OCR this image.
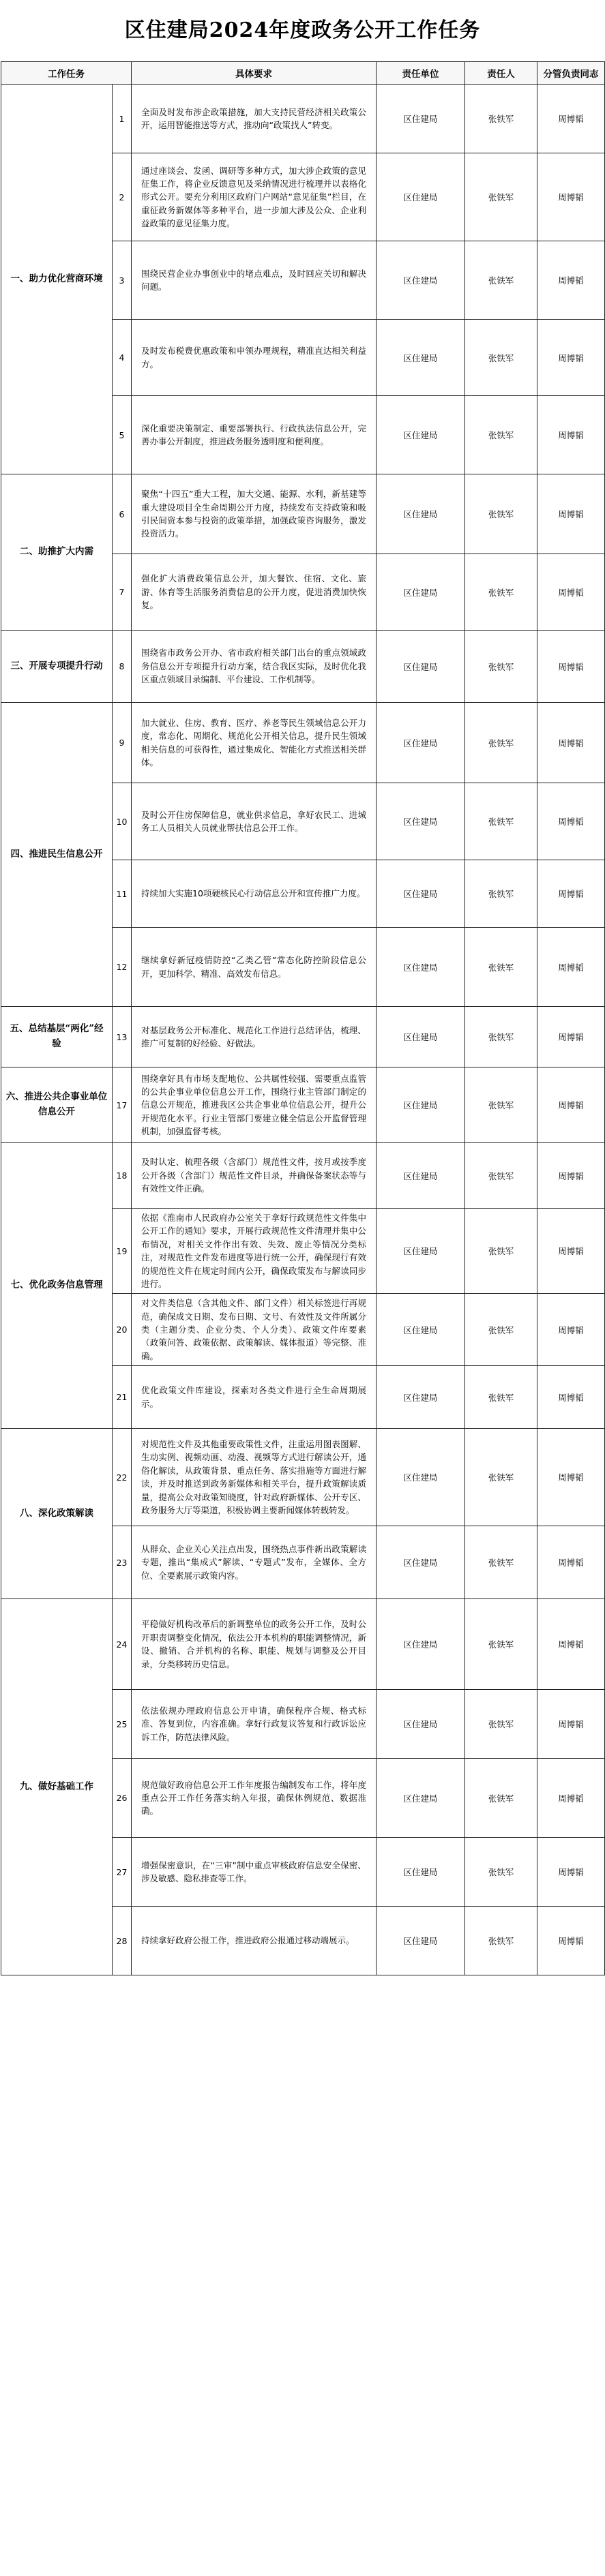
区住建局2024年度政务公开工作任务
工作任务		具体要求	责任单位	责任人	分管负责同志
一、助力优化营商环境	1	全面及时发布涉企政策措施，加大支持民营经济相关政策公开，运用智能推送等方式，推动向“政策找人”转变。	区住建局	张铁军	周博韬
	2	通过座谈会、发函、调研等多种方式，加大涉企政策的意见征集工作，将企业反馈意见及采纳情况进行梳理并以表格化形式公开。要充分利用区政府门户网站“意见征集”栏目，在重征政务新媒体等多种平台，进一步加大涉及公众、企业利益政策的意见征集力度。	区住建局	张铁军	周博韬
	3	围绕民营企业办事创业中的堵点难点，及时回应关切和解决问题。	区住建局	张铁军	周博韬
	4	及时发布税费优惠政策和申领办理规程，精准直达相关利益方。	区住建局	张铁军	周博韬
	5	深化重要决策制定、重要部署执行、行政执法信息公开，完善办事公开制度，推进政务服务透明度和便利度。	区住建局	张铁军	周博韬
二、助推扩大内需	6	聚焦“十四五”重大工程，加大交通、能源、水利，新基建等重大建设项目全生命周期公开力度，持续发布支持政策和吸引民间资本参与投资的政策举措，加强政策咨询服务，激发投资活力。	区住建局	张铁军	周博韬
	7	强化扩大消费政策信息公开，加大餐饮、住宿、文化、旅游、体育等生活服务消费信息的公开力度，促进消费加快恢复。	区住建局	张铁军	周博韬
三、开展专项提升行动	8	围绕省市政务公开办、省市政府相关部门出台的重点领域政务信息公开专项提升行动方案，结合我区实际，及时优化我区重点领域目录编制、平台建设、工作机制等。	区住建局	张铁军	周博韬
四、推进民生信息公开	9	加大就业、住房、教育、医疗、养老等民生领域信息公开力度，常态化、周期化、规范化公开相关信息，提升民生领域相关信息的可获得性，通过集成化、智能化方式推送相关群体。	区住建局	张铁军	周博韬
	10	及时公开住房保障信息，就业供求信息，拿好农民工、进城务工人员相关人员就业帮扶信息公开工作。	区住建局	张铁军	周博韬
	11	持续加大实施10项硬核民心行动信息公开和宣传推广力度。	区住建局	张铁军	周博韬
	12	继续拿好新冠疫情防控“乙类乙管”常态化防控阶段信息公开，更加科学、精准、高效发布信息。	区住建局	张铁军	周博韬
五、总结基层“两化”经验	13	对基层政务公开标准化、规范化工作进行总结评估，梳理、推广可复制的好经验、好做法。	区住建局	张铁军	周博韬
六、推进公共企事业单位信息公开	17	围绕拿好具有市场支配地位、公共属性较强、需要重点监管的公共企事业单位信息公开工作，围绕行业主管部门制定的信息公开规范，推进我区公共企事业单位信息公开，提升公开规范化水平。行业主管部门要建立健全信息公开监督管理机制，加强监督考核。	区住建局	张铁军	周博韬
七、优化政务信息管理	18	及时认定、梳理各级（含部门）规范性文件，按月或按季度公开各级（含部门）规范性文件目录，并确保备案状态等与有效性文件正确。	区住建局	张铁军	周博韬
	19	依据《淮南市人民政府办公室关于拿好行政规范性文件集中公开工作的通知》要求，开展行政规范性文件清理并集中公布情况，对相关文件作出有效、失效、废止等情况分类标注，对规范性文件发布进度等进行统一公开，确保现行有效的规范性文件在规定时间内公开，确保政策发布与解读同步进行。	区住建局	张铁军	周博韬
	20	对文件类信息（含其他文件、部门文件）相关标签进行再规范，确保成文日期、发布日期、文号、有效性及文件所属分类（主题分类、企业分类、个人分类）、政策文件库要素（政策问答、政策依据、政策解读、媒体报道）等完整、准确。	区住建局	张铁军	周博韬
	21	优化政策文件库建设，探索对各类文件进行全生命周期展示。	区住建局	张铁军	周博韬
八、深化政策解读	22	对规范性文件及其他重要政策性文件，注重运用图表图解、生动实例、视频动画、动漫、视频等方式进行解读公开，通俗化解读，从政策背景、重点任务、落实措施等方面进行解读，并及时推送到政务新媒体和相关平台，提升政策解读质量，提高公众对政策知晓度，针对政府新媒体、公开专区、政务服务大厅等渠道，积极协调主要新闻媒体转载转发。	区住建局	张铁军	周博韬
	23	从群众、企业关心关注点出发，围绕热点事件新出政策解读专题，推出“集成式”解读、“专题式”发布，全媒体、全方位、全要素展示政策内容。	区住建局	张铁军	周博韬
九、做好基础工作	24	平稳做好机构改革后的新调整单位的政务公开工作，及时公开职责调整变化情况，依法公开本机构的职能调整情况，新设、撤销、合并机构的名称、职能、规划与调整及公开目录，分类移转历史信息。	区住建局	张铁军	周博韬
	25	依法依规办理政府信息公开申请，确保程序合规、格式标准、答复到位，内容准确。拿好行政复议答复和行政诉讼应诉工作，防范法律风险。	区住建局	张铁军	周博韬
	26	规范做好政府信息公开工作年度报告编制发布工作，将年度重点公开工作任务落实纳入年报，确保体例规范、数据准确。	区住建局	张铁军	周博韬
	27	增强保密意识，在“三审”制中重点审核政府信息安全保密、涉及敏感、隐私排查等工作。	区住建局	张铁军	周博韬
	28	持续拿好政府公报工作，推进政府公报通过移动端展示。	区住建局	张铁军	周博韬
